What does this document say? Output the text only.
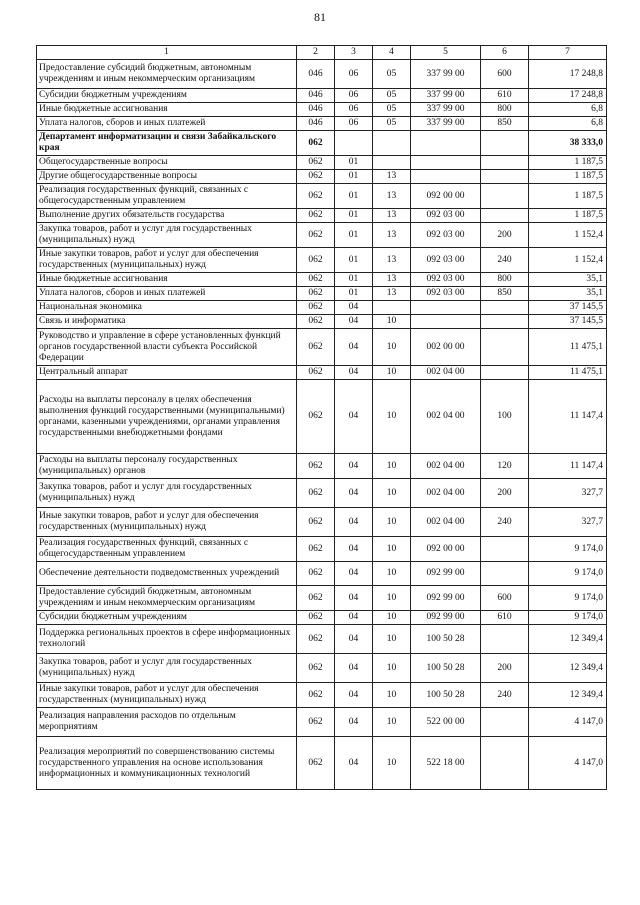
81
1	2	3	4	5	6	7
Предоставление субсидий бюджетным, автономным учреждениям и иным некоммерческим организациям	046	06	05	337 99 00	600	17 248,8
Субсидии бюджетным учреждениям	046	06	05	337 99 00	610	17 248,8
Иные бюджетные ассигнования	046	06	05	337 99 00	800	6,8
Уплата налогов, сборов и иных платежей	046	06	05	337 99 00	850	6,8
Департамент информатизации и связи Забайкальского края	062					38 333,0
Общегосударственные вопросы	062	01				1 187,5
Другие общегосударственные вопросы	062	01	13			1 187,5
Реализация государственных функций, связанных с общегосударственным управлением	062	01	13	092 00 00		1 187,5
Выполнение других обязательств государства	062	01	13	092 03 00		1 187,5
Закупка товаров, работ и услуг для государственных (муниципальных) нужд	062	01	13	092 03 00	200	1 152,4
Иные закупки товаров, работ и услуг для обеспечения государственных (муниципальных) нужд	062	01	13	092 03 00	240	1 152,4
Иные бюджетные ассигнования	062	01	13	092 03 00	800	35,1
Уплата налогов, сборов и иных платежей	062	01	13	092 03 00	850	35,1
Национальная экономика	062	04				37 145,5
Связь и информатика	062	04	10			37 145,5
Руководство и управление в сфере установленных функций органов государственной власти субъекта Российской Федерации	062	04	10	002 00 00		11 475,1
Центральный аппарат	062	04	10	002 04 00		11 475,1
Расходы на выплаты персоналу в целях обеспечения выполнения функций государственными (муниципальными) органами, казенными учреждениями, органами управления государственными внебюджетными фондами	062	04	10	002 04 00	100	11 147,4
Расходы на выплаты персоналу государственных (муниципальных) органов	062	04	10	002 04 00	120	11 147,4
Закупка товаров, работ и услуг для государственных (муниципальных) нужд	062	04	10	002 04 00	200	327,7
Иные закупки товаров, работ и услуг для обеспечения государственных (муниципальных) нужд	062	04	10	002 04 00	240	327,7
Реализация государственных функций, связанных с общегосударственным управлением	062	04	10	092 00 00		9 174,0
Обеспечение деятельности подведомственных учреждений	062	04	10	092 99 00		9 174,0
Предоставление субсидий бюджетным, автономным учреждениям и иным некоммерческим организациям	062	04	10	092 99 00	600	9 174,0
Субсидии бюджетным учреждениям	062	04	10	092 99 00	610	9 174,0
Поддержка региональных проектов в сфере информационных технологий	062	04	10	100 50 28		12 349,4
Закупка товаров, работ и услуг для государственных (муниципальных) нужд	062	04	10	100 50 28	200	12 349,4
Иные закупки товаров, работ и услуг для обеспечения государственных (муниципальных) нужд	062	04	10	100 50 28	240	12 349,4
Реализация направления расходов по отдельным мероприятиям	062	04	10	522 00 00		4 147,0
Реализация мероприятий по совершенствованию системы государственного управления на основе использования информационных и коммуникационных технологий	062	04	10	522 18 00		4 147,0
